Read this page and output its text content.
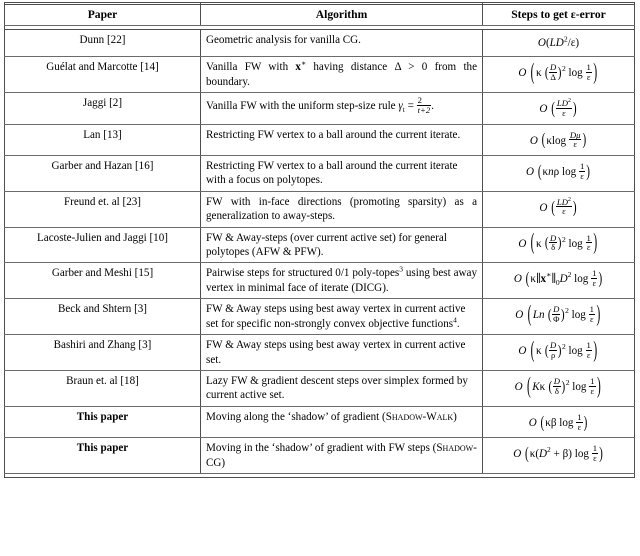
Paper	Algorithm	Steps to get ε-error

Dunn [22]	Geometric analysis for vanilla CG.	$O(LD^2/\varepsilon)$
Guélat and Marcotte [14]	Vanilla FW with x∗ having distance Δ > 0 from the boundary.	O ( κ ( $\frac{D}{\Delta} )^2$ $\log \frac{1}{\varepsilon}$ )
Jaggi [2]	Vanilla FW with the uniform step-size rule $\gamma_t = \frac{2}{t+2}$ .	O ( $\frac{LD^2}{\varepsilon}$ )
Lan [13]	Restricting FW vertex to a ball around the current iterate.	O ($\kappa\log \frac{D\mu}{\varepsilon}$ )
Garber and Hazan [16]	Restricting FW vertex to a ball around the current iterate with a focus on polytopes.	O (κnρ $\log \frac{1}{\varepsilon}$ )
Freund et. al [23]	FW with in-face directions (promoting sparsity) as a generalization to away-steps.	O ( $\frac{LD^2}{\varepsilon}$ )
Lacoste-Julien and Jaggi [10]	FW & Away-steps (over current active set) for general polytopes (AFW & PFW).	O ( κ ( $\frac{D}{\delta} )^2$ $\log \frac{1}{\varepsilon}$ )
Garber and Meshi [15]	Pairwise steps for structured 0/1 poly‐topes$^3$ using best away vertex in minimal face of iterate (DICG).	O ($\kappa\parallel x^∗\parallel_0D^2$ $\log \frac{1}{\varepsilon}$ )
Beck and Shtern [3]	FW & Away steps using best away vertex in current active set for specific non-strongly convex objective functions$^4$.	O ( Ln ( $\frac{D}{\Phi} )^2$ $\log \frac{1}{\varepsilon}$ )
Bashiri and Zhang [3]	FW & Away steps using best away vertex in current active set.	O ( κ ( $\frac{D}{\rho} )^2$ $\log \frac{1}{\varepsilon}$ )
Braun et. al [18]	Lazy FW & gradient descent steps over simplex formed by current active set.	O ( Kκ ( $\frac{D}{\delta} )^2$ $\log \frac{1}{\varepsilon}$ )
This paper	Moving along the ‘shadow’ of gradient (Shadow-Walk)	O (κβ $\log \frac{1}{\varepsilon}$ )
This paper	Moving in the ‘shadow’ of gradient with FW steps (Shadow-CG)	O ($\kappa(D^2 + \beta)$ $\log \frac{1}{\varepsilon}$ )
